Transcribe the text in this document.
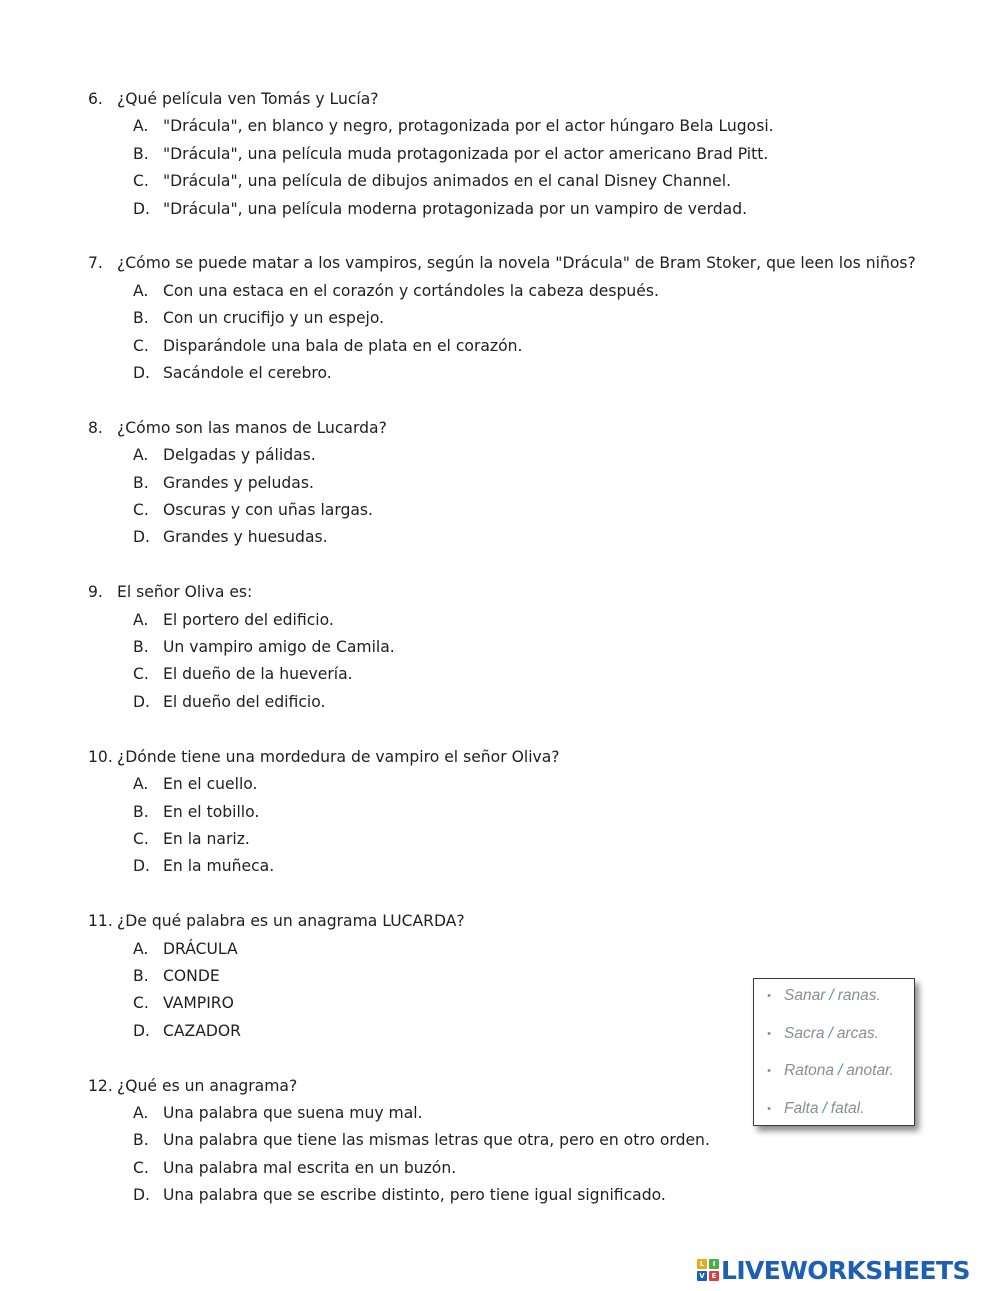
6. ¿Qué película ven Tomás y Lucía?
A. "Drácula", en blanco y negro, protagonizada por el actor húngaro Bela Lugosi.
B. "Drácula", una película muda protagonizada por el actor americano Brad Pitt.
C. "Drácula", una película de dibujos animados en el canal Disney Channel.
D. "Drácula", una película moderna protagonizada por un vampiro de verdad.
7. ¿Cómo se puede matar a los vampiros, según la novela "Drácula" de Bram Stoker, que leen los niños?
A. Con una estaca en el corazón y cortándoles la cabeza después.
B. Con un crucifijo y un espejo.
C. Disparándole una bala de plata en el corazón.
D. Sacándole el cerebro.
8. ¿Cómo son las manos de Lucarda?
A. Delgadas y pálidas.
B. Grandes y peludas.
C. Oscuras y con uñas largas.
D. Grandes y huesudas.
9. El señor Oliva es:
A. El portero del edificio.
B. Un vampiro amigo de Camila.
C. El dueño de la huevería.
D. El dueño del edificio.
10. ¿Dónde tiene una mordedura de vampiro el señor Oliva?
A. En el cuello.
B. En el tobillo.
C. En la nariz.
D. En la muñeca.
11. ¿De qué palabra es un anagrama LUCARDA?
A. DRÁCULA
B. CONDE
C. VAMPIRO
D. CAZADOR
12. ¿Qué es un anagrama?
A. Una palabra que suena muy mal.
B. Una palabra que tiene las mismas letras que otra, pero en otro orden.
C. Una palabra mal escrita en un buzón.
D. Una palabra que se escribe distinto, pero tiene igual significado.
• Sanar / ranas.
• Sacra / arcas.
• Ratona / anotar.
• Falta / fatal.
L	I
V E LIVEWORKSHEETS
